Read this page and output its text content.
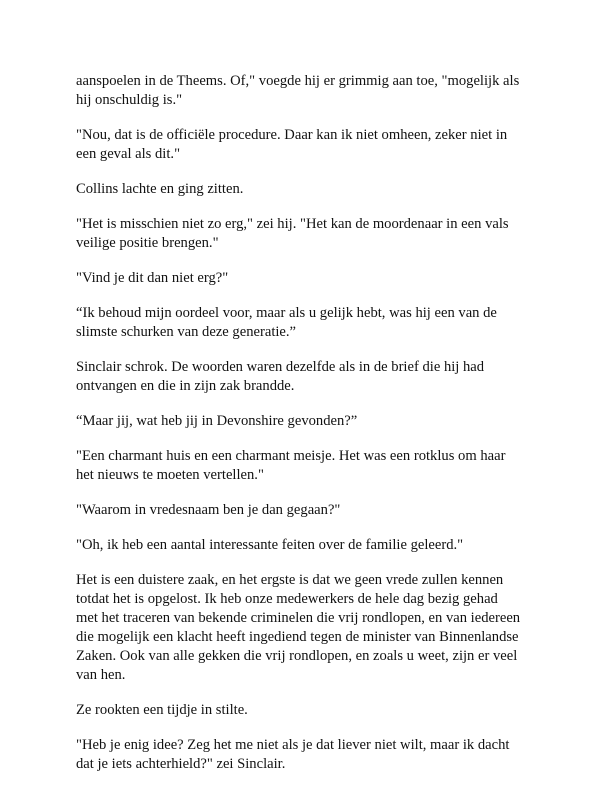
aanspoelen in de Theems. Of," voegde hij er grimmig aan toe, "mogelijk als
hij onschuldig is."

"Nou, dat is de officiële procedure. Daar kan ik niet omheen, zeker niet in
een geval als dit."

Collins lachte en ging zitten.

"Het is misschien niet zo erg," zei hij. "Het kan de moordenaar in een vals
veilige positie brengen."

"Vind je dit dan niet erg?"

“Ik behoud mijn oordeel voor, maar als u gelijk hebt, was hij een van de
slimste schurken van deze generatie.”

Sinclair schrok. De woorden waren dezelfde als in de brief die hij had
ontvangen en die in zijn zak brandde.

“Maar jij, wat heb jij in Devonshire gevonden?”

"Een charmant huis en een charmant meisje. Het was een rotklus om haar
het nieuws te moeten vertellen."

"Waarom in vredesnaam ben je dan gegaan?"

"Oh, ik heb een aantal interessante feiten over de familie geleerd."

Het is een duistere zaak, en het ergste is dat we geen vrede zullen kennen
totdat het is opgelost. Ik heb onze medewerkers de hele dag bezig gehad
met het traceren van bekende criminelen die vrij rondlopen, en van iedereen
die mogelijk een klacht heeft ingediend tegen de minister van Binnenlandse
Zaken. Ook van alle gekken die vrij rondlopen, en zoals u weet, zijn er veel
van hen.

Ze rookten een tijdje in stilte.

"Heb je enig idee? Zeg het me niet als je dat liever niet wilt, maar ik dacht
dat je iets achterhield?" zei Sinclair.
